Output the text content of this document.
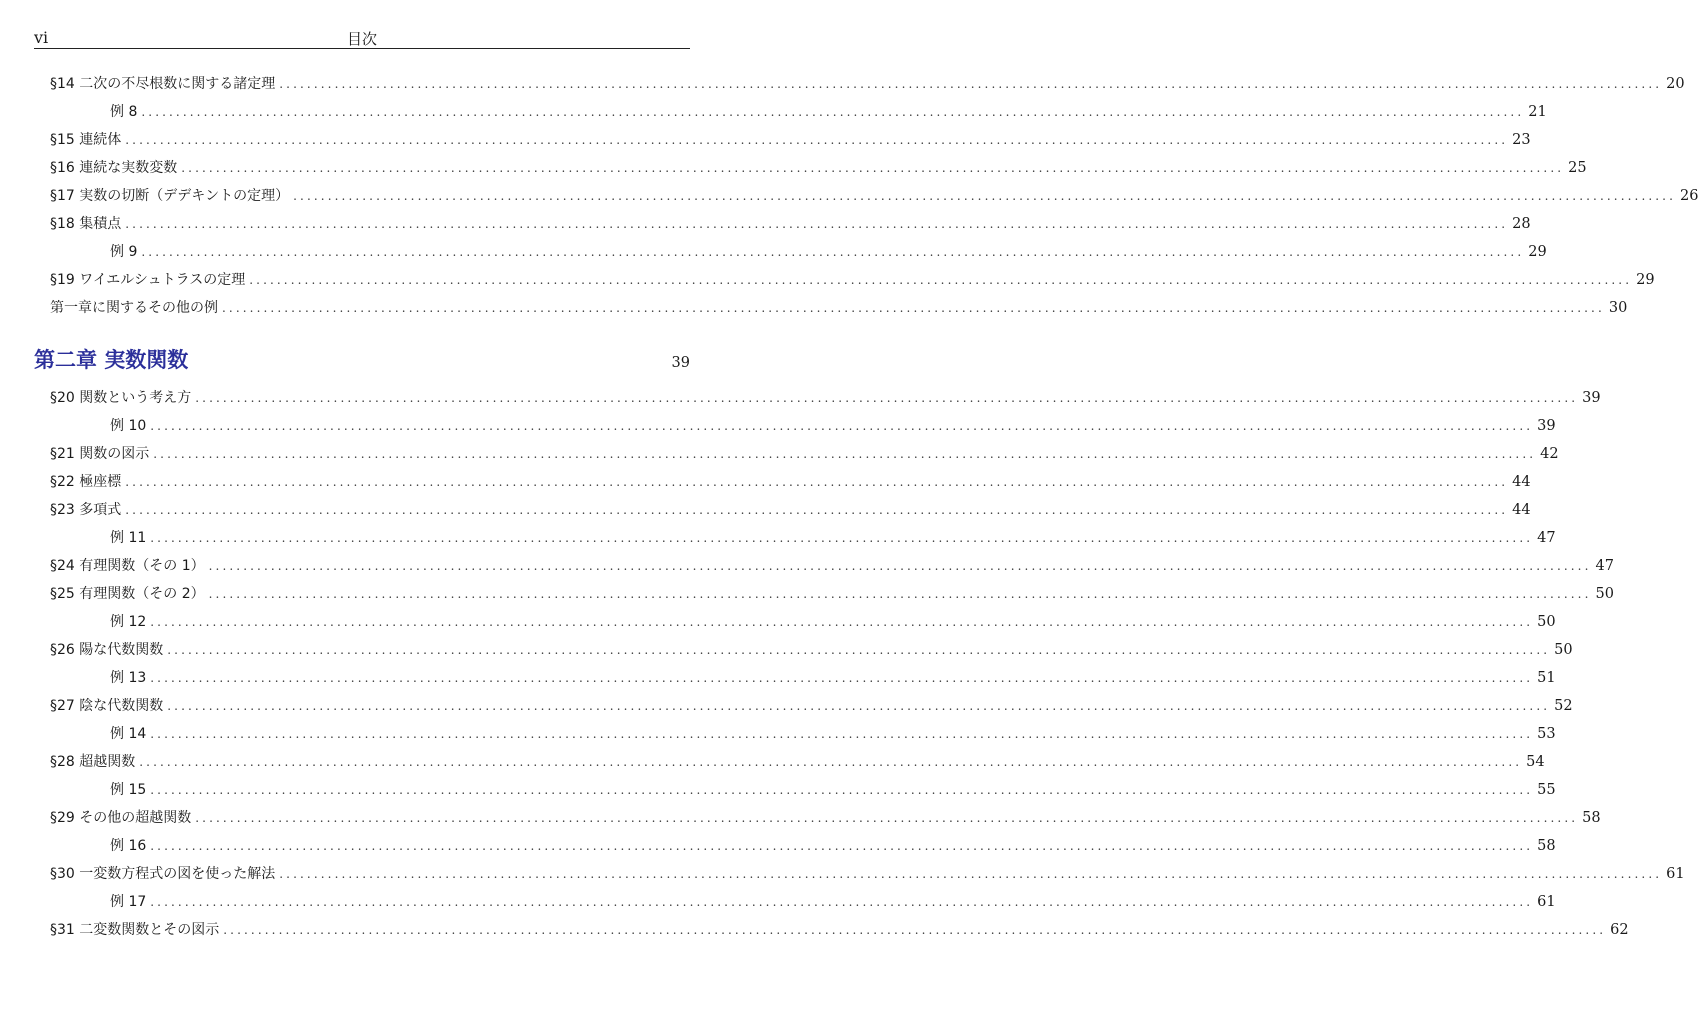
vi	目次
§14 二次の不尽根数に関する諸定理 ........................................................................................................................................................................................................ 20
例 8 ........................................................................................................................................................................................................ 21
§15 連続体 ........................................................................................................................................................................................................ 23
§16 連続な実数変数 ........................................................................................................................................................................................................ 25
§17 実数の切断（デデキントの定理） ........................................................................................................................................................................................................ 26
§18 集積点 ........................................................................................................................................................................................................ 28
例 9 ........................................................................................................................................................................................................ 29
§19 ワイエルシュトラスの定理 ........................................................................................................................................................................................................ 29
第一章に関するその他の例 ........................................................................................................................................................................................................ 30
第二章 実数関数	39
§20 関数という考え方 ........................................................................................................................................................................................................ 39
例 10 ........................................................................................................................................................................................................ 39
§21 関数の図示 ........................................................................................................................................................................................................ 42
§22 極座標 ........................................................................................................................................................................................................ 44
§23 多項式 ........................................................................................................................................................................................................ 44
例 11 ........................................................................................................................................................................................................ 47
§24 有理関数（その 1） ........................................................................................................................................................................................................ 47
§25 有理関数（その 2） ........................................................................................................................................................................................................ 50
例 12 ........................................................................................................................................................................................................ 50
§26 陽な代数関数 ........................................................................................................................................................................................................ 50
例 13 ........................................................................................................................................................................................................ 51
§27 陰な代数関数 ........................................................................................................................................................................................................ 52
例 14 ........................................................................................................................................................................................................ 53
§28 超越関数 ........................................................................................................................................................................................................ 54
例 15 ........................................................................................................................................................................................................ 55
§29 その他の超越関数 ........................................................................................................................................................................................................ 58
例 16 ........................................................................................................................................................................................................ 58
§30 一変数方程式の図を使った解法 ........................................................................................................................................................................................................ 61
例 17 ........................................................................................................................................................................................................ 61
§31 二変数関数とその図示 ........................................................................................................................................................................................................ 62
